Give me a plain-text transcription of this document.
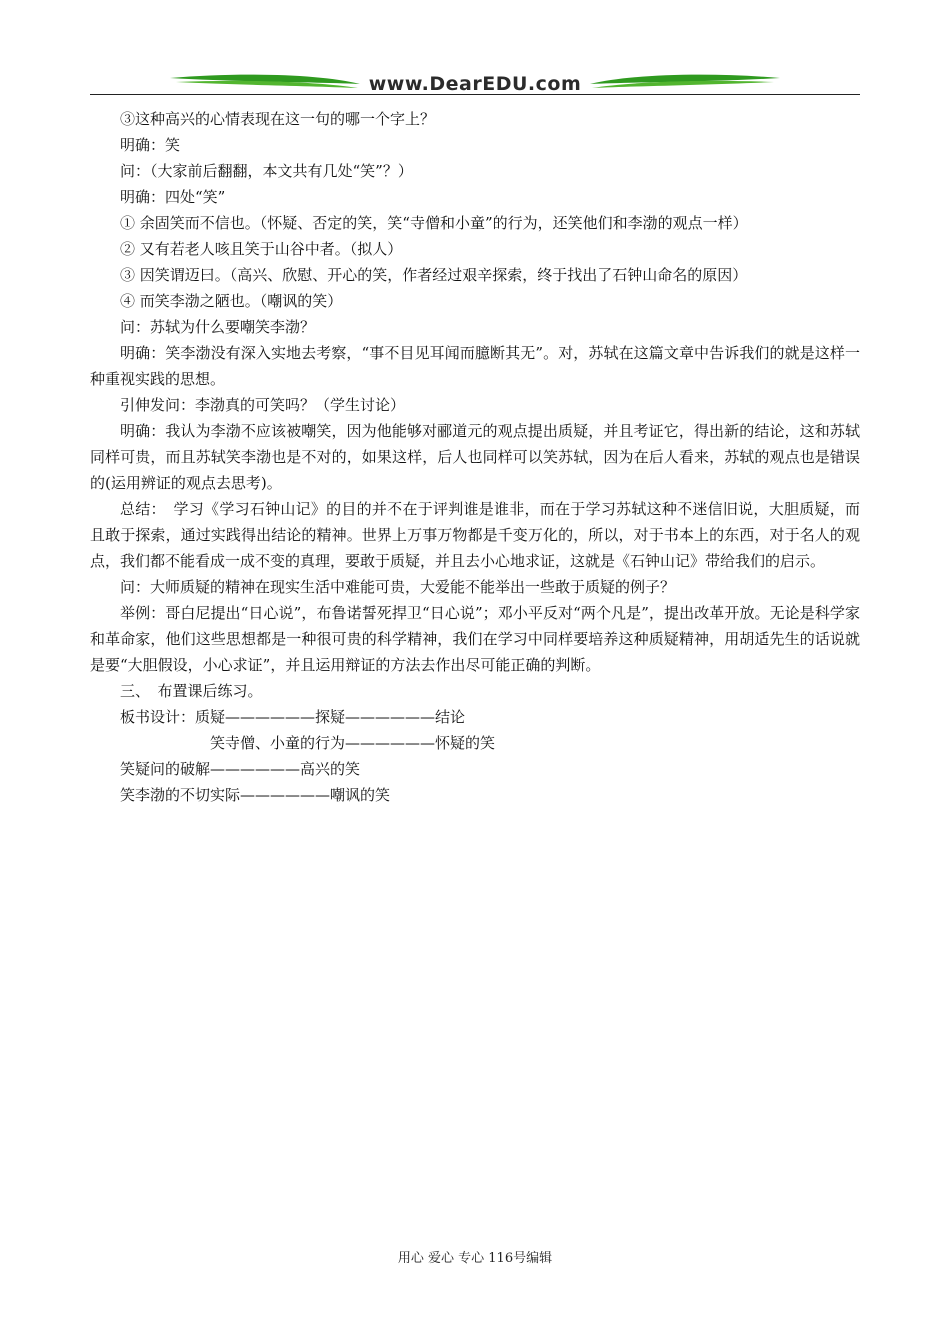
www.DearEDU.com

③这种高兴的心情表现在这一句的哪一个字上？

明确：笑

问：（大家前后翻翻，本文共有几处“笑”？）

明确：四处“笑”

① 余固笑而不信也。（怀疑、否定的笑，笑“寺僧和小童”的行为，还笑他们和李渤的观点一样）

② 又有若老人咳且笑于山谷中者。（拟人）

③ 因笑谓迈曰。（高兴、欣慰、开心的笑，作者经过艰辛探索，终于找出了石钟山命名的原因）

④ 而笑李渤之陋也。（嘲讽的笑）

问：苏轼为什么要嘲笑李渤？

明确：笑李渤没有深入实地去考察，“事不目见耳闻而臆断其无”。对，苏轼在这篇文章中告诉我们的就是这样一种重视实践的思想。

引伸发问：李渤真的可笑吗？（学生讨论）

明确：我认为李渤不应该被嘲笑，因为他能够对郦道元的观点提出质疑，并且考证它，得出新的结论，这和苏轼同样可贵，而且苏轼笑李渤也是不对的，如果这样，后人也同样可以笑苏轼，因为在后人看来，苏轼的观点也是错误的(运用辨证的观点去思考)。

总结：　学习《学习石钟山记》的目的并不在于评判谁是谁非，而在于学习苏轼这种不迷信旧说，大胆质疑，而且敢于探索，通过实践得出结论的精神。世界上万事万物都是千变万化的，所以，对于书本上的东西，对于名人的观点，我们都不能看成一成不变的真理，要敢于质疑，并且去小心地求证，这就是《石钟山记》带给我们的启示。

问：大师质疑的精神在现实生活中难能可贵，大爱能不能举出一些敢于质疑的例子？

举例：哥白尼提出“日心说”，布鲁诺誓死捍卫“日心说”；邓小平反对“两个凡是”，提出改革开放。无论是科学家和革命家，他们这些思想都是一种很可贵的科学精神，我们在学习中同样要培养这种质疑精神，用胡适先生的话说就是要“大胆假设，小心求证”，并且运用辩证的方法去作出尽可能正确的判断。

三、　布置课后练习。

板书设计：质疑——————探疑——————结论

笑寺僧、小童的行为——————怀疑的笑

笑疑问的破解——————高兴的笑

笑李渤的不切实际——————嘲讽的笑

用心 爱心 专心 116号编辑
